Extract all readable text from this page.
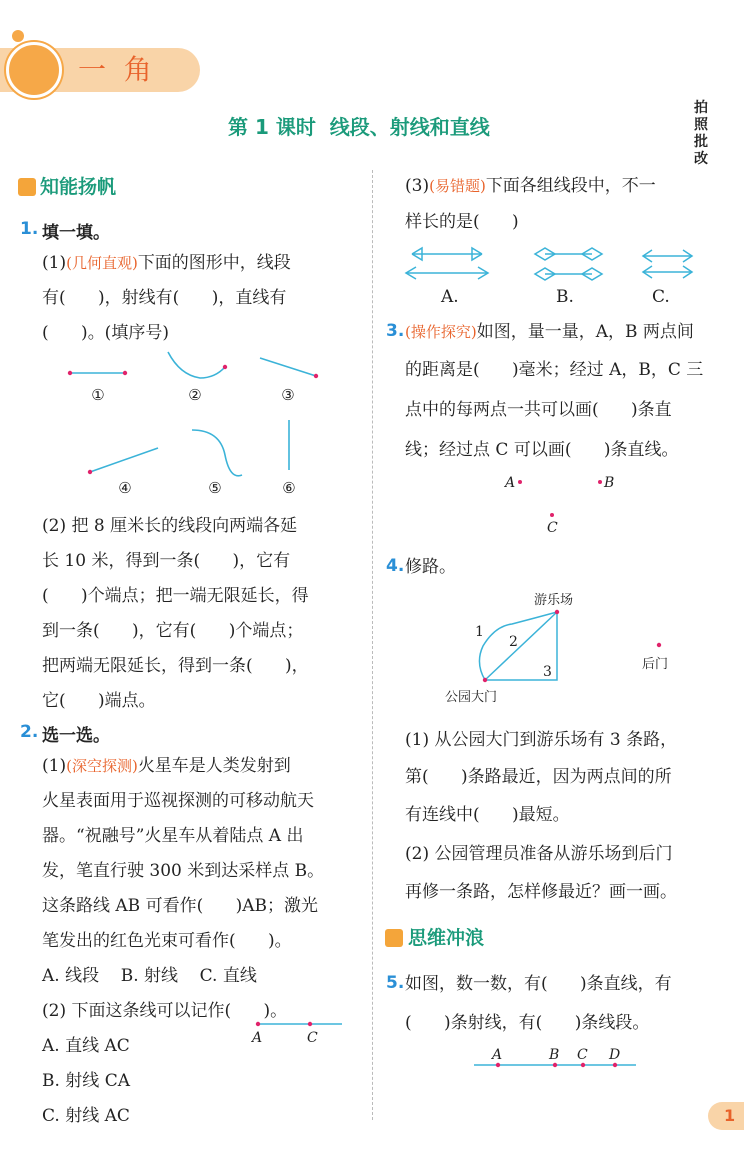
一  角
拍照批改
第 1 课时  线段、射线和直线
知能扬帆
1. 填一填。
(1)(几何直观)下面的图形中，线段
有(      )，射线有(      )，直线有
(      )。(填序号)
①	②	③
④	⑤	⑥
(2) 把 8 厘米长的线段向两端各延
长 10 米，得到一条(      )，它有
(      )个端点；把一端无限延长，得
到一条(      )，它有(      )个端点；
把两端无限延长，得到一条(      )，
它(      )端点。
2. 选一选。
(1)(深空探测)火星车是人类发射到
火星表面用于巡视探测的可移动航天
器。“祝融号”火星车从着陆点 A 出
发，笔直行驶 300 米到达采样点 B。
这条路线 AB 可看作(      )AB；激光
笔发出的红色光束可看作(      )。
A. 线段    B. 射线    C. 直线
(2) 下面这条线可以记作(      )。
A. 直线 AC
B. 射线 CA
C. 射线 AC
A	C
(3)(易错题)下面各组线段中，不一
样长的是(      )
A.	B.	C.
3. (操作探究)如图，量一量，A，B 两点间
的距离是(      )毫米；经过 A，B，C 三
点中的每两点一共可以画(      )条直
线；经过点 C 可以画(      )条直线。
A	B
C
4. 修路。
游乐场
公园大门
后门
1
2
3
(1) 从公园大门到游乐场有 3 条路，
第(      )条路最近，因为两点间的所
有连线中(      )最短。
(2) 公园管理员准备从游乐场到后门
再修一条路，怎样修最近？画一画。
思维冲浪
5. 如图，数一数，有(      )条直线，有
(      )条射线，有(      )条线段。
A	B C D
1
